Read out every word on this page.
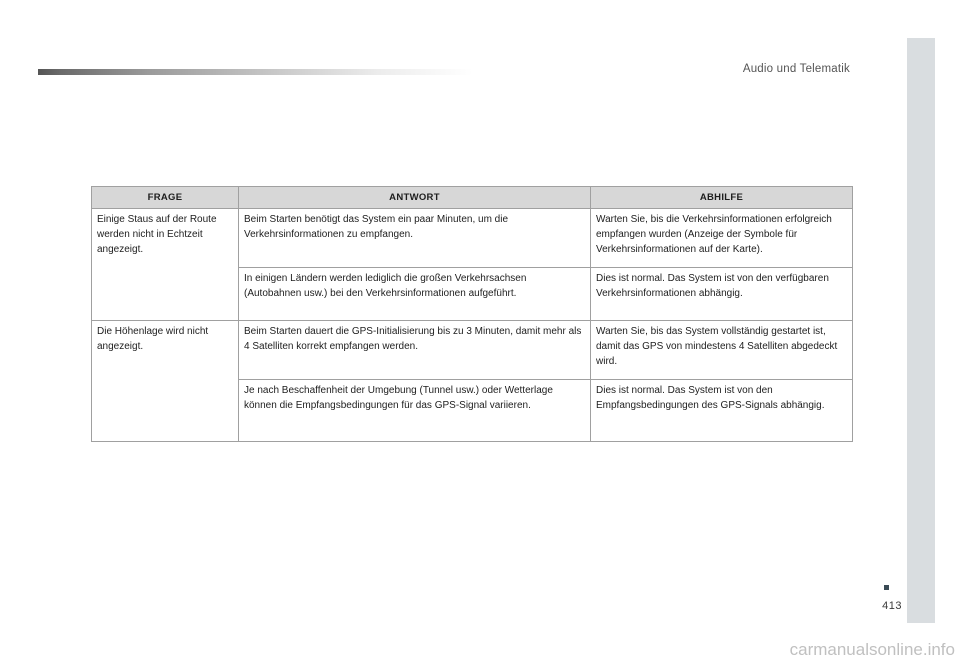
Audio und Telematik
FRAGE	ANTWORT	ABHILFE
Einige Staus auf der Route werden nicht in Echtzeit angezeigt.	Beim Starten benötigt das System ein paar Minuten, um die Verkehrsinformationen zu empfangen.	Warten Sie, bis die Verkehrsinformationen erfolgreich empfangen wurden (Anzeige der Symbole für Verkehrsinformationen auf der Karte).
	In einigen Ländern werden lediglich die großen Verkehrsachsen (Autobahnen usw.) bei den Verkehrsinformationen aufgeführt.	Dies ist normal. Das System ist von den verfügbaren Verkehrsinformationen abhängig.
Die Höhenlage wird nicht angezeigt.	Beim Starten dauert die GPS-Initialisierung bis zu 3 Minuten, damit mehr als 4 Satelliten korrekt empfangen werden.	Warten Sie, bis das System vollständig gestartet ist, damit das GPS von mindestens 4 Satelliten abgedeckt wird.
	Je nach Beschaffenheit der Umgebung (Tunnel usw.) oder Wetterlage können die Empfangsbedingungen für das GPS-Signal variieren.	Dies ist normal. Das System ist von den Empfangsbedingungen des GPS-Signals abhängig.
413
carmanualsonline.info
